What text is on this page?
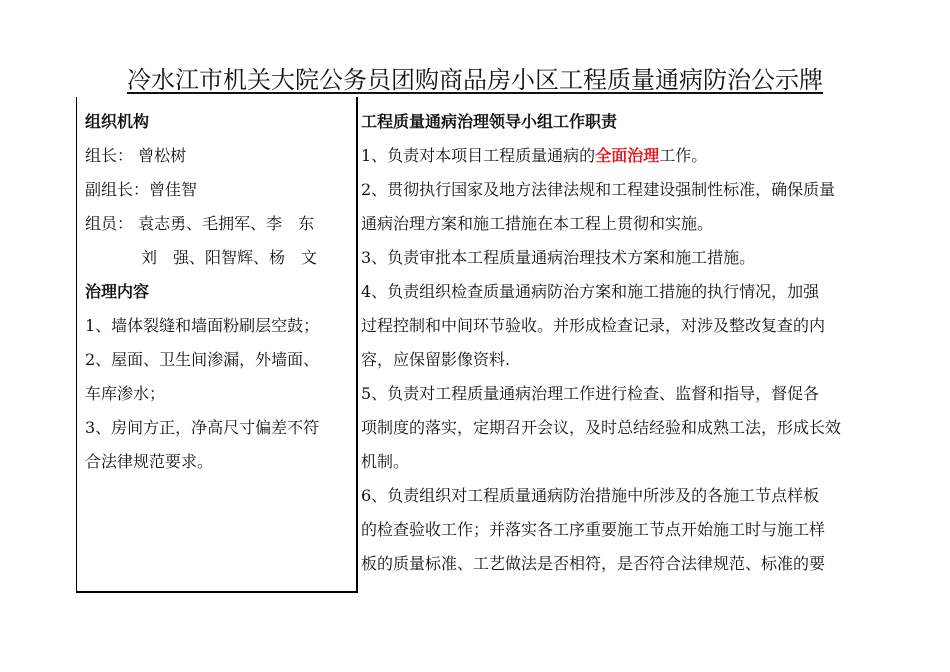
冷水江市机关大院公务员团购商品房小区工程质量通病防治公示牌
组织机构
组长： 曾松树
副组长：曾佳智
组员： 袁志勇、毛拥军、李　东
刘　强、阳智辉、杨　文
治理内容
1、墙体裂缝和墙面粉刷层空鼓；
2、屋面、卫生间渗漏，外墙面、
车库渗水；
3、房间方正，净高尺寸偏差不符
合法律规范要求。
工程质量通病治理领导小组工作职责
1、负责对本项目工程质量通病的全面治理工作。
2、贯彻执行国家及地方法律法规和工程建设强制性标准，确保质量
通病治理方案和施工措施在本工程上贯彻和实施。
3、负责审批本工程质量通病治理技术方案和施工措施。
4、负责组织检查质量通病防治方案和施工措施的执行情况，加强
过程控制和中间环节验收。并形成检查记录，对涉及整改复查的内
容，应保留影像资料.
5、负责对工程质量通病治理工作进行检查、监督和指导，督促各
项制度的落实，定期召开会议，及时总结经验和成熟工法，形成长效
机制。
6、负责组织对工程质量通病防治措施中所涉及的各施工节点样板
的检查验收工作；并落实各工序重要施工节点开始施工时与施工样
板的质量标准、工艺做法是否相符，是否符合法律规范、标准的要
